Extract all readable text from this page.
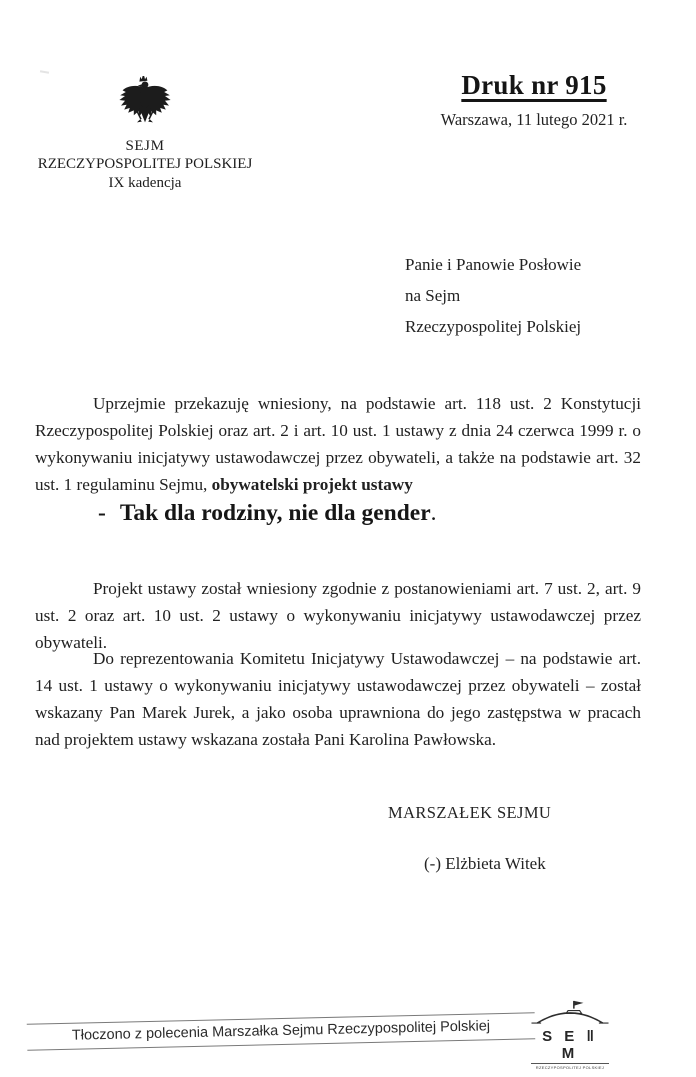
SEJM
RZECZYPOSPOLITEJ POLSKIEJ
IX kadencja
Druk nr 915
Warszawa, 11 lutego 2021 r.
Panie i Panowie Posłowie
na Sejm
Rzeczypospolitej Polskiej

Uprzejmie przekazuję wniesiony, na podstawie art. 118 ust. 2 Konstytucji Rzeczypospolitej Polskiej oraz art. 2 i art. 10 ust. 1 ustawy z dnia 24 czerwca 1999 r. o wykonywaniu inicjatywy ustawodawczej przez obywateli, a także na podstawie art. 32 ust. 1 regulaminu Sejmu, obywatelski projekt ustawy

- Tak dla rodziny, nie dla gender.

Projekt ustawy został wniesiony zgodnie z postanowieniami art. 7 ust. 2, art. 9 ust. 2 oraz art. 10 ust. 2 ustawy o wykonywaniu inicjatywy ustawodawczej przez obywateli.

Do reprezentowania Komitetu Inicjatywy Ustawodawczej – na podstawie art. 14 ust. 1 ustawy o wykonywaniu inicjatywy ustawodawczej przez obywateli – został wskazany Pan Marek Jurek, a jako osoba uprawniona do jego zastępstwa w pracach nad projektem ustawy wskazana została Pani Karolina Pawłowska.

MARSZAŁEK SEJMU
(-) Elżbieta Witek
Tłoczono z polecenia Marszałka Sejmu Rzeczypospolitej Polskiej	S E ‖ M
RZECZYPOSPOLITEJ POLSKIEJ
